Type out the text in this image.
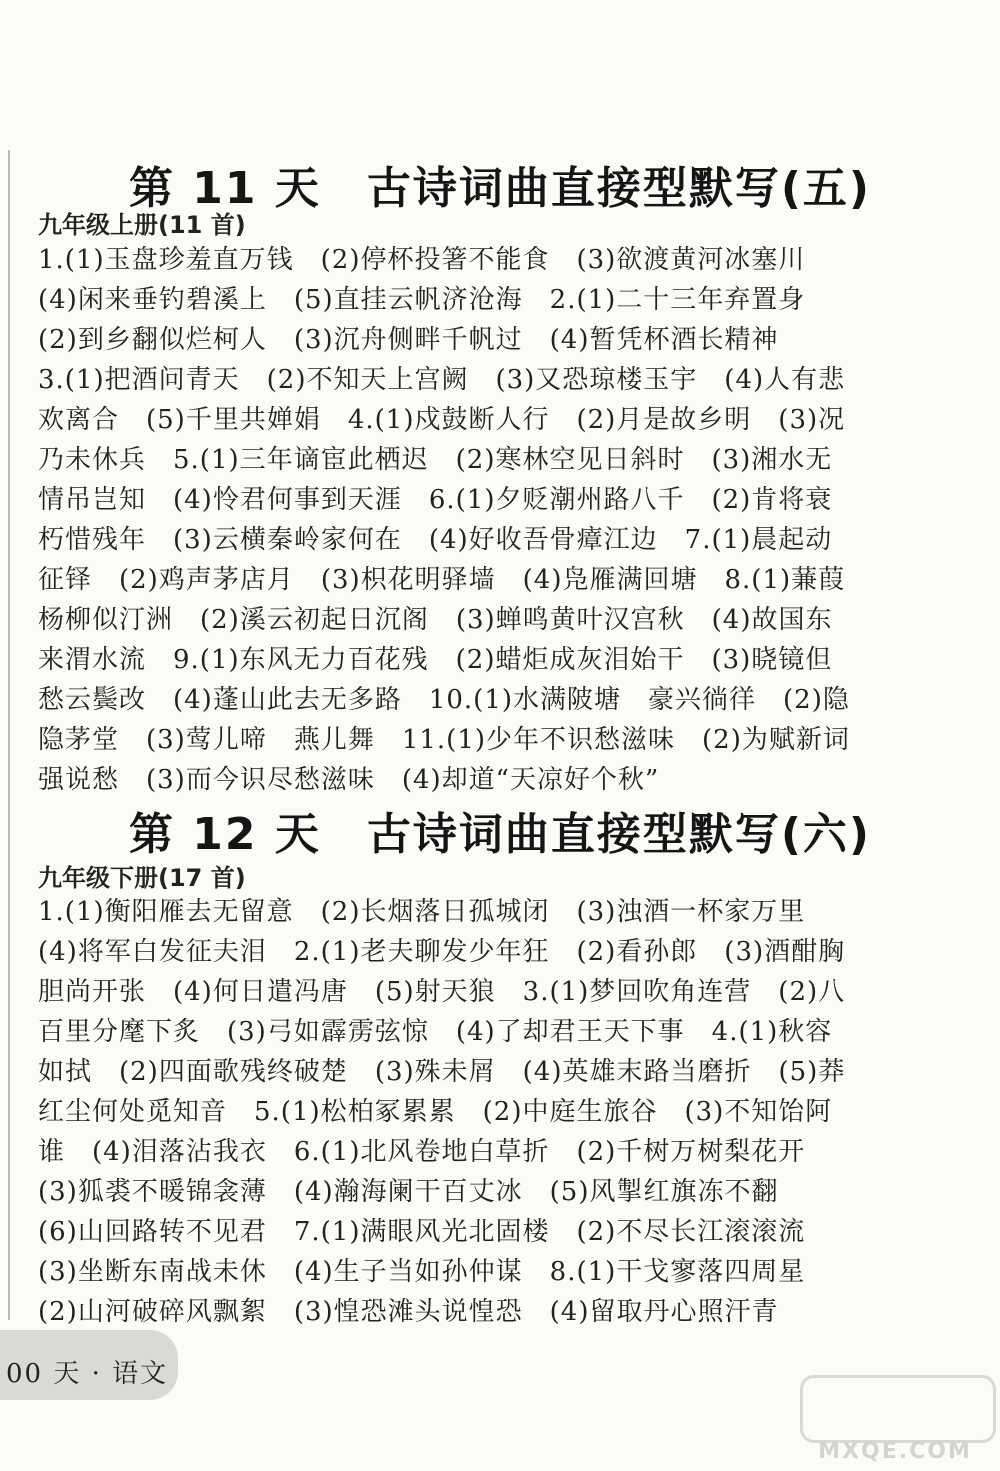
第 11 天　古诗词曲直接型默写(五)
九年级上册(11 首)
1.(1)玉盘珍羞直万钱　(2)停杯投箸不能食　(3)欲渡黄河冰塞川
(4)闲来垂钓碧溪上　(5)直挂云帆济沧海　2.(1)二十三年弃置身
(2)到乡翻似烂柯人　(3)沉舟侧畔千帆过　(4)暂凭杯酒长精神
3.(1)把酒问青天　(2)不知天上宫阙　(3)又恐琼楼玉宇　(4)人有悲
欢离合　(5)千里共婵娟　4.(1)戍鼓断人行　(2)月是故乡明　(3)况
乃未休兵　5.(1)三年谪宦此栖迟　(2)寒林空见日斜时　(3)湘水无
情吊岂知　(4)怜君何事到天涯　6.(1)夕贬潮州路八千　(2)肯将衰
朽惜残年　(3)云横秦岭家何在　(4)好收吾骨瘴江边　7.(1)晨起动
征铎　(2)鸡声茅店月　(3)枳花明驿墙　(4)凫雁满回塘　8.(1)蒹葭
杨柳似汀洲　(2)溪云初起日沉阁　(3)蝉鸣黄叶汉宫秋　(4)故国东
来渭水流　9.(1)东风无力百花残　(2)蜡炬成灰泪始干　(3)晓镜但
愁云鬓改　(4)蓬山此去无多路　10.(1)水满陂塘　豪兴徜徉　(2)隐
隐茅堂　(3)莺儿啼　燕儿舞　11.(1)少年不识愁滋味　(2)为赋新词
强说愁　(3)而今识尽愁滋味　(4)却道“天凉好个秋”
第 12 天　古诗词曲直接型默写(六)
九年级下册(17 首)
1.(1)衡阳雁去无留意　(2)长烟落日孤城闭　(3)浊酒一杯家万里
(4)将军白发征夫泪　2.(1)老夫聊发少年狂　(2)看孙郎　(3)酒酣胸
胆尚开张　(4)何日遣冯唐　(5)射天狼　3.(1)梦回吹角连营　(2)八
百里分麾下炙　(3)弓如霹雳弦惊　(4)了却君王天下事　4.(1)秋容
如拭　(2)四面歌残终破楚　(3)殊未屑　(4)英雄末路当磨折　(5)莽
红尘何处觅知音　5.(1)松柏冢累累　(2)中庭生旅谷　(3)不知饴阿
谁　(4)泪落沾我衣　6.(1)北风卷地白草折　(2)千树万树梨花开
(3)狐裘不暖锦衾薄　(4)瀚海阑干百丈冰　(5)风掣红旗冻不翻
(6)山回路转不见君　7.(1)满眼风光北固楼　(2)不尽长江滚滚流
(3)坐断东南战未休　(4)生子当如孙仲谋　8.(1)干戈寥落四周星
(2)山河破碎风飘絮　(3)惶恐滩头说惶恐　(4)留取丹心照汗青
00 天 · 语文
MXQE.COM
